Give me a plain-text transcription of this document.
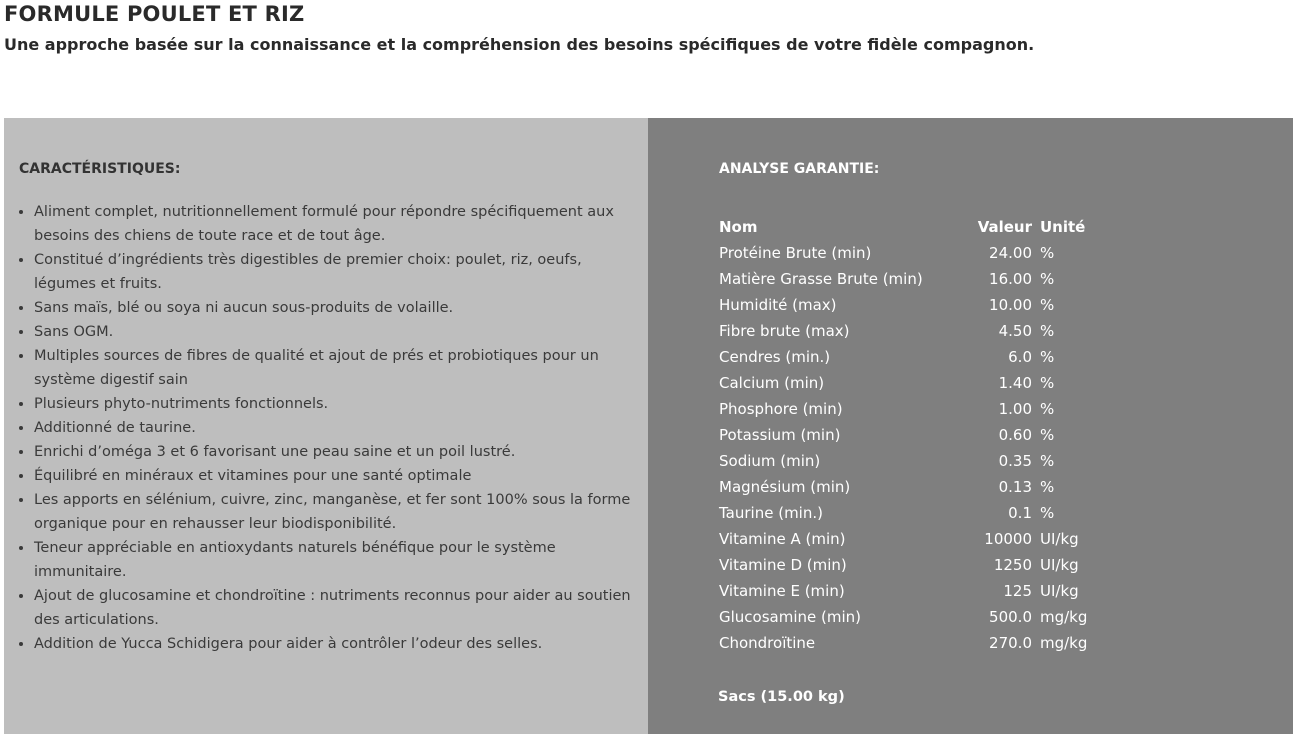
FORMULE POULET ET RIZ

Une approche basée sur la connaissance et la compréhension des besoins spécifiques de votre fidèle compagnon.

CARACTÉRISTIQUES:
• Aliment complet, nutritionnellement formulé pour répondre spécifiquement aux besoins des chiens de toute race et de tout âge.
• Constitué d’ingrédients très digestibles de premier choix: poulet, riz, oeufs, légumes et fruits.
• Sans maïs, blé ou soya ni aucun sous-produits de volaille.
• Sans OGM.
• Multiples sources de fibres de qualité et ajout de prés et probiotiques pour un système digestif sain
• Plusieurs phyto-nutriments fonctionnels.
• Additionné de taurine.
• Enrichi d’oméga 3 et 6 favorisant une peau saine et un poil lustré.
• Équilibré en minéraux et vitamines pour une santé optimale
• Les apports en sélénium, cuivre, zinc, manganèse, et fer sont 100% sous la forme organique pour en rehausser leur biodisponibilité.
• Teneur appréciable en antioxydants naturels bénéfique pour le système immunitaire.
• Ajout de glucosamine et chondroïtine : nutriments reconnus pour aider au soutien des articulations.
• Addition de Yucca Schidigera pour aider à contrôler l’odeur des selles.
ANALYSE GARANTIE:
Nom	Valeur	Unité
Protéine Brute (min)	24.00	%
Matière Grasse Brute (min)	16.00	%
Humidité (max)	10.00	%
Fibre brute (max)	4.50	%
Cendres (min.)	6.0	%
Calcium (min)	1.40	%
Phosphore (min)	1.00	%
Potassium (min)	0.60	%
Sodium (min)	0.35	%
Magnésium (min)	0.13	%
Taurine (min.)	0.1	%
Vitamine A (min)	10000	UI/kg
Vitamine D (min)	1250	UI/kg
Vitamine E (min)	125	UI/kg
Glucosamine (min)	500.0	mg/kg
Chondroïtine	270.0	mg/kg

Sacs (15.00 kg)
